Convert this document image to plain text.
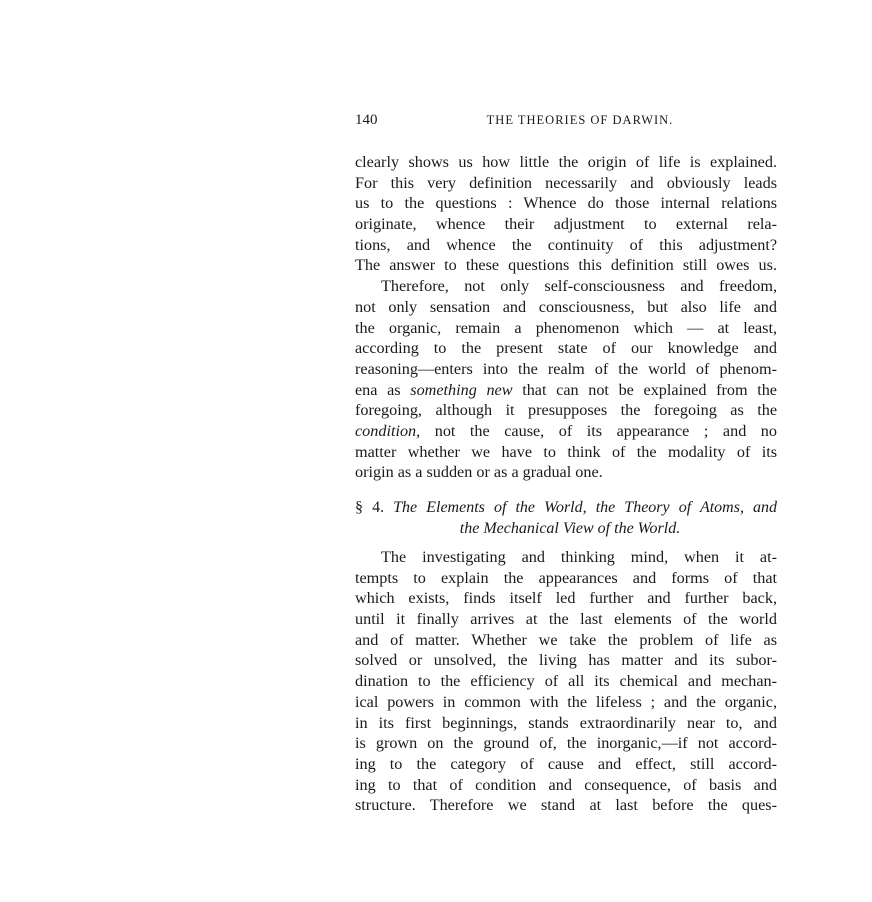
140	THE THEORIES OF DARWIN.
clearly shows us how little the origin of life is explained.
For this very definition necessarily and obviously leads
us to the questions : Whence do those internal relations
originate, whence their adjustment to external rela-
tions, and whence the continuity of this adjustment?
The answer to these questions this definition still owes us.
Therefore, not only self-consciousness and freedom,
not only sensation and consciousness, but also life and
the organic, remain a phenomenon which — at least,
according to the present state of our knowledge and
reasoning—enters into the realm of the world of phenom-
ena as something new that can not be explained from the
foregoing, although it presupposes the foregoing as the
condition, not the cause, of its appearance ; and no
matter whether we have to think of the modality of its
origin as a sudden or as a gradual one.
§ 4. The Elements of the World, the Theory of Atoms, and
the Mechanical View of the World.
The investigating and thinking mind, when it at-
tempts to explain the appearances and forms of that
which exists, finds itself led further and further back,
until it finally arrives at the last elements of the world
and of matter. Whether we take the problem of life as
solved or unsolved, the living has matter and its subor-
dination to the efficiency of all its chemical and mechan-
ical powers in common with the lifeless ; and the organic,
in its first beginnings, stands extraordinarily near to, and
is grown on the ground of, the inorganic,—if not accord-
ing to the category of cause and effect, still accord-
ing to that of condition and consequence, of basis and
structure. Therefore we stand at last before the ques-
